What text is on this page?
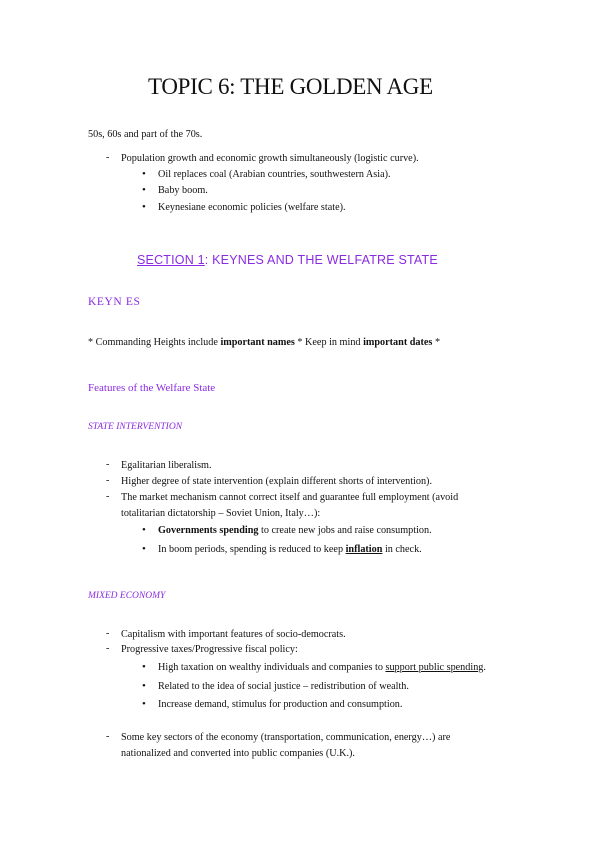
TOPIC 6: THE GOLDEN AGE
50s, 60s and part of the 70s.
- Population growth and economic growth simultaneously (logistic curve).
• Oil replaces coal (Arabian countries, southwestern Asia).
• Baby boom.
• Keynesiane economic policies (welfare state).
SECTION 1: KEYNES AND THE WELFATRE STATE
KEYN ES
* Commanding Heights include important names * Keep in mind important dates *
Features of the Welfare State
STATE INTERVENTION
- Egalitarian liberalism.
- Higher degree of state intervention (explain different shorts of intervention).
- The market mechanism cannot correct itself and guarantee full employment (avoid
totalitarian dictatorship – Soviet Union, Italy…):
• Governments spending to create new jobs and raise consumption.
• In boom periods, spending is reduced to keep inflation in check.
MIXED ECONOMY
- Capitalism with important features of socio-democrats.
- Progressive taxes/Progressive fiscal policy:
• High taxation on wealthy individuals and companies to support public spending.
• Related to the idea of social justice – redistribution of wealth.
• Increase demand, stimulus for production and consumption.
- Some key sectors of the economy (transportation, communication, energy…) are
nationalized and converted into public companies (U.K.).
